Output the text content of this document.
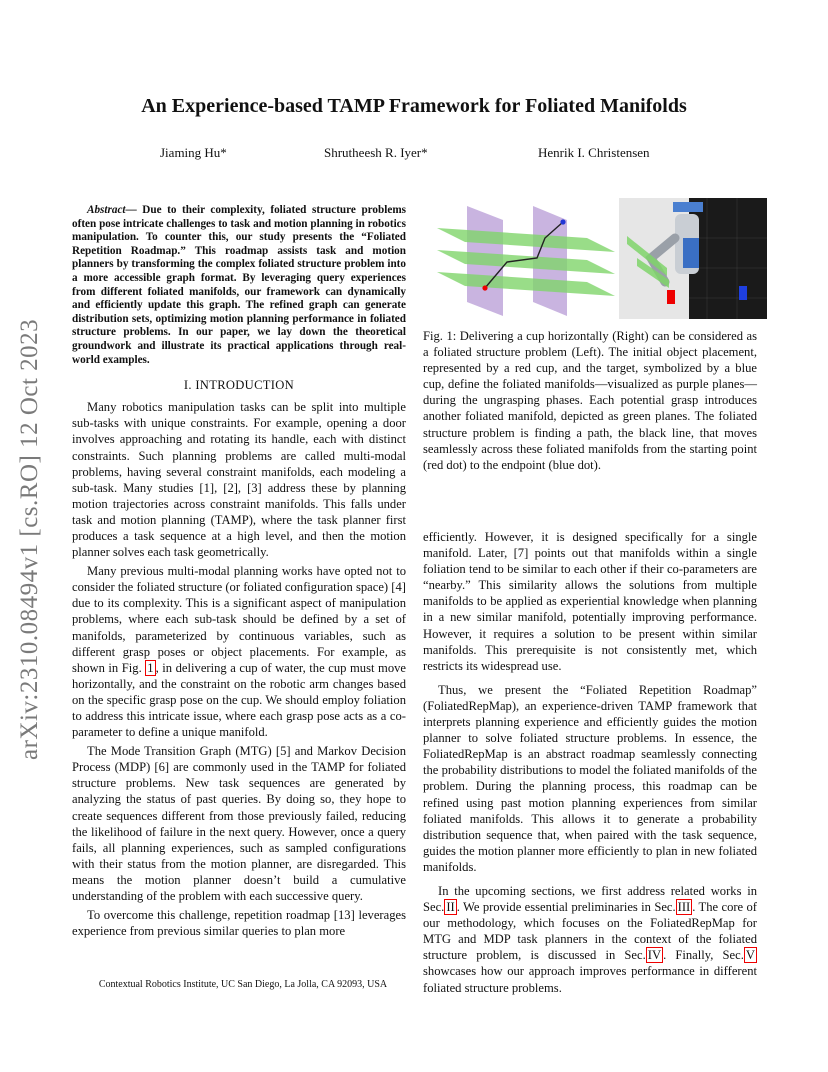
arXiv:2310.08494v1 [cs.RO] 12 Oct 2023
An Experience-based TAMP Framework for Foliated Manifolds
Jiaming Hu*	Shrutheesh R. Iyer*	Henrik I. Christensen

Abstract— Due to their complexity, foliated structure problems often pose intricate challenges to task and motion planning in robotics manipulation. To counter this, our study presents the “Foliated Repetition Roadmap.” This roadmap assists task and motion planners by transforming the complex foliated structure problem into a more accessible graph format. By leveraging query experiences from different foliated manifolds, our framework can dynamically and efficiently update this graph. The refined graph can generate distribution sets, optimizing motion planning performance in foliated structure problems. In our paper, we lay down the theoretical groundwork and illustrate its practical applications through real-world examples.

I. INTRODUCTION

Many robotics manipulation tasks can be split into multiple sub-tasks with unique constraints. For example, opening a door involves approaching and rotating its handle, each with distinct constraints. Such planning problems are called multi-modal problems, having several constraint manifolds, each modeling a sub-task. Many studies [1], [2], [3] address these by planning motion trajectories across constraint manifolds. This falls under task and motion planning (TAMP), where the task planner first produces a task sequence at a high level, and then the motion planner solves each task geometrically.

Many previous multi-modal planning works have opted not to consider the foliated structure (or foliated configuration space) [4] due to its complexity. This is a significant aspect of manipulation problems, where each sub-task should be defined by a set of manifolds, parameterized by continuous variables, such as different grasp poses or object placements. For example, as shown in Fig. 1 , in delivering a cup of water, the cup must move horizontally, and the constraint on the robotic arm changes based on the specific grasp pose on the cup. We should employ foliation to address this intricate issue, where each grasp pose acts as a co-parameter to define a unique manifold.

The Mode Transition Graph (MTG) [5] and Markov Decision Process (MDP) [6] are commonly used in the TAMP for foliated structure problems. New task sequences are generated by analyzing the status of past queries. By doing so, they hope to create sequences different from those previously failed, reducing the likelihood of failure in the next query. However, once a query fails, all planning experiences, such as sampled configurations with their status from the motion planner, are disregarded. This means the motion planner doesn’t build a cumulative understanding of the problem with each successive query.

To overcome this challenge, repetition roadmap [13] leverages experience from previous similar queries to plan more

Contextual Robotics Institute, UC San Diego, La Jolla, CA 92093, USA

Fig. 1: Delivering a cup horizontally (Right) can be considered as a foliated structure problem (Left). The initial object placement, represented by a red cup, and the target, symbolized by a blue cup, define the foliated manifolds—visualized as purple planes—during the ungrasping phases. Each potential grasp introduces another foliated manifold, depicted as green planes. The foliated structure problem is finding a path, the black line, that moves seamlessly across these foliated manifolds from the starting point (red dot) to the endpoint (blue dot).

efficiently. However, it is designed specifically for a single manifold. Later, [7] points out that manifolds within a single foliation tend to be similar to each other if their co-parameters are “nearby.” This similarity allows the solutions from multiple manifolds to be applied as experiential knowledge when planning in a new similar manifold, potentially improving performance. However, it requires a solution to be present within similar manifolds. This prerequisite is not consistently met, which restricts its widespread use.

Thus, we present the “Foliated Repetition Roadmap” (FoliatedRepMap), an experience-driven TAMP framework that interprets planning experience and efficiently guides the motion planner to solve foliated structure problems. In essence, the FoliatedRepMap is an abstract roadmap seamlessly connecting the probability distributions to model the foliated manifolds of the problem. During the planning process, this roadmap can be refined using past motion planning experiences from similar foliated manifolds. This allows it to generate a probability distribution sequence that, when paired with the task sequence, guides the motion planner more efficiently to plan in new foliated manifolds.

In the upcoming sections, we first address related works in Sec. II . We provide essential preliminaries in Sec. III . The core of our methodology, which focuses on the FoliatedRepMap for MTG and MDP task planners in the context of the foliated structure problem, is discussed in Sec. IV . Finally, Sec. V showcases how our approach improves performance in different foliated structure problems.
